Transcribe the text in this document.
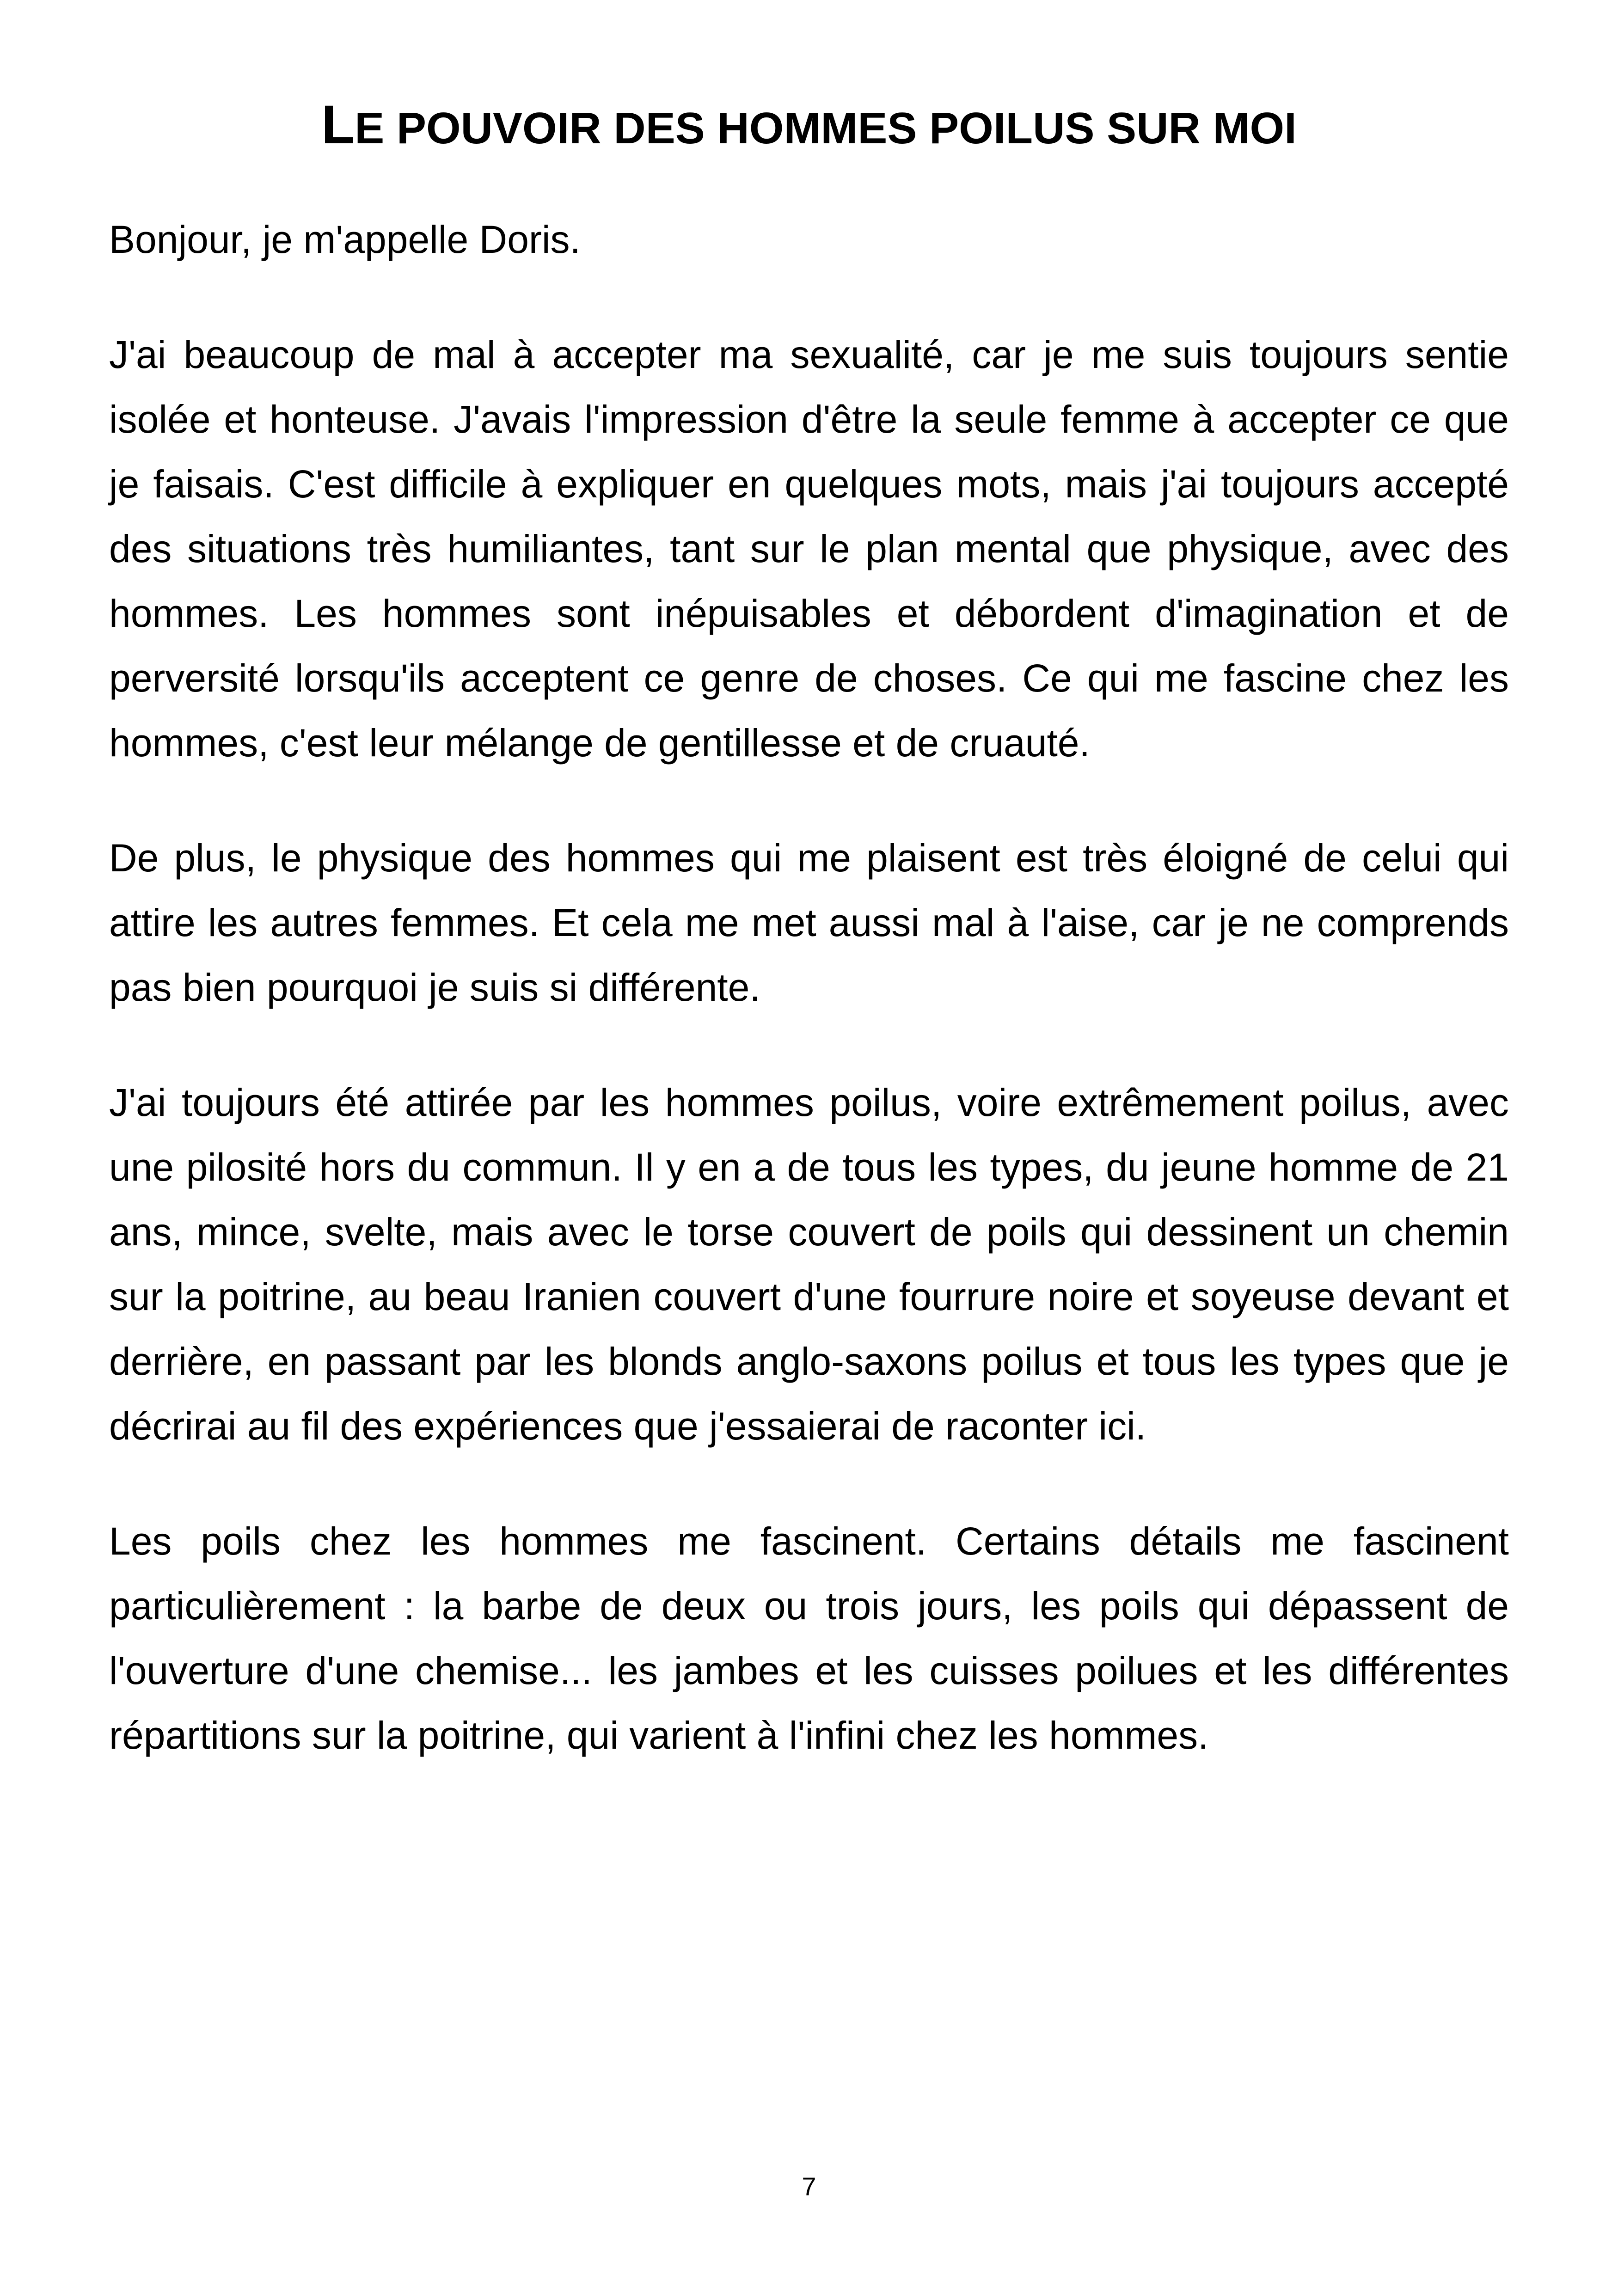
LE POUVOIR DES HOMMES POILUS SUR MOI

Bonjour, je m'appelle Doris.

J'ai beaucoup de mal à accepter ma sexualité, car je me suis toujours sentie isolée et honteuse. J'avais l'impression d'être la seule femme à accepter ce que je faisais. C'est difficile à expliquer en quelques mots, mais j'ai toujours accepté des situations très humiliantes, tant sur le plan mental que physique, avec des hommes. Les hommes sont inépuisables et débordent d'imagination et de perversité lorsqu'ils acceptent ce genre de choses. Ce qui me fascine chez les hommes, c'est leur mélange de gentillesse et de cruauté.

De plus, le physique des hommes qui me plaisent est très éloigné de celui qui attire les autres femmes. Et cela me met aussi mal à l'aise, car je ne comprends pas bien pourquoi je suis si différente.

J'ai toujours été attirée par les hommes poilus, voire extrêmement poilus, avec une pilosité hors du commun. Il y en a de tous les types, du jeune homme de 21 ans, mince, svelte, mais avec le torse couvert de poils qui dessinent un chemin sur la poitrine, au beau Iranien couvert d'une fourrure noire et soyeuse devant et derrière, en passant par les blonds anglo-saxons poilus et tous les types que je décrirai au fil des expériences que j'essaierai de raconter ici.

Les poils chez les hommes me fascinent. Certains détails me fascinent particulièrement : la barbe de deux ou trois jours, les poils qui dépassent de l'ouverture d'une chemise... les jambes et les cuisses poilues et les différentes répartitions sur la poitrine, qui varient à l'infini chez les hommes.

7
